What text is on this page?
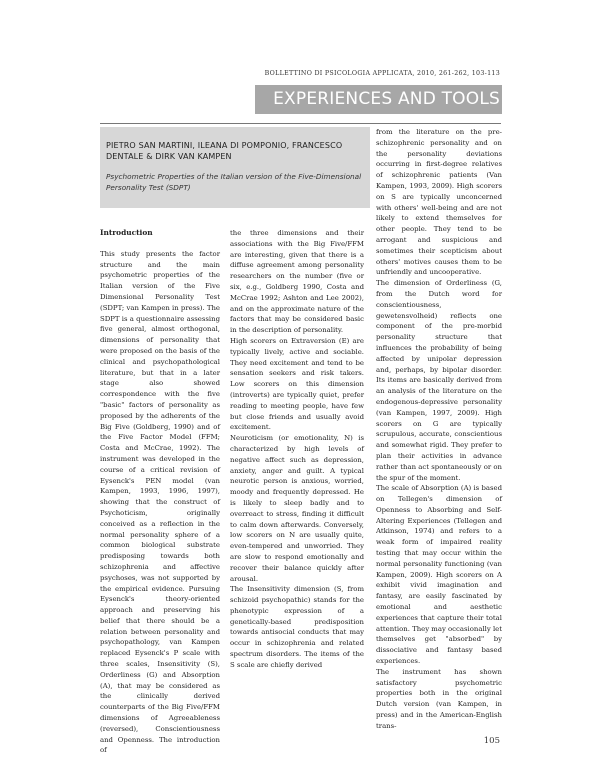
BOLLETTINO DI PSICOLOGIA APPLICATA, 2010, 261-262, 103-113
EXPERIENCES AND TOOLS
PIETRO SAN MARTINI, ILEANA DI POMPONIO, FRANCESCO DENTALE & DIRK VAN KAMPEN
Psychometric Properties of the Italian version of the Five-Dimensional Personality Test (SDPT)

Introduction

This study presents the factor structure and the main psychometric properties of the Italian version of the Five Dimensional Personality Test (SDPT; van Kampen in press). The SDPT is a questionnaire assessing five general, almost orthogonal, dimensions of personality that were proposed on the basis of the clinical and psychopathological literature, but that in a later stage also showed correspondence with the five "basic" factors of personality as proposed by the adherents of the Big Five (Goldberg, 1990) and of the Five Factor Model (FFM; Costa and McCrae, 1992). The instrument was developed in the course of a critical revision of Eysenck's PEN model (van Kampen, 1993, 1996, 1997), showing that the construct of Psychoticism, originally conceived as a reflection in the normal personality sphere of a common biological substrate predisposing towards both schizophrenia and affective psychoses, was not supported by the empirical evidence. Pursuing Eysenck's theory-oriented approach and preserving his belief that there should be a relation between personality and psychopathology, van Kampen replaced Eysenck's P scale with three scales, Insensitivity (S), Orderliness (G) and Absorption (A), that may be considered as the clinically derived counterparts of the Big Five/FFM dimensions of Agreeableness (reversed), Conscientiousness and Openness. The introduction of

the three dimensions and their associations with the Big Five/FFM are interesting, given that there is a diffuse agreement among personality researchers on the number (five or six, e.g., Goldberg 1990, Costa and McCrae 1992; Ashton and Lee 2002), and on the approximate nature of the factors that may be considered basic in the description of personality.

High scorers on Extraversion (E) are typically lively, active and sociable. They need excitement and tend to be sensation seekers and risk takers. Low scorers on this dimension (introverts) are typically quiet, prefer reading to meeting people, have few but close friends and usually avoid excitement.

Neuroticism (or emotionality, N) is characterized by high levels of negative affect such as depression, anxiety, anger and guilt. A typical neurotic person is anxious, worried, moody and frequently depressed. He is likely to sleep badly and to overreact to stress, finding it difficult to calm down afterwards. Conversely, low scorers on N are usually quite, even-tempered and unworried. They are slow to respond emotionally and recover their balance quickly after arousal.

The Insensitivity dimension (S, from schizoid psychopathic) stands for the phenotypic expression of a genetically-based predisposition towards antisocial conducts that may occur in schizophrenia and related spectrum disorders. The items of the S scale are chiefly derived

from the literature on the pre-schizophrenic personality and on the personality deviations occurring in first-degree relatives of schizophrenic patients (Van Kampen, 1993, 2009). High scorers on S are typically unconcerned with others' well-being and are not likely to extend themselves for other people. They tend to be arrogant and suspicious and sometimes their scepticism about others' motives causes them to be unfriendly and uncooperative.

The dimension of Orderliness (G, from the Dutch word for conscientiousness, gewetensvolheid) reflects one component of the pre-morbid personality structure that influences the probability of being affected by unipolar depression and, perhaps, by bipolar disorder. Its items are basically derived from an analysis of the literature on the endogenous-depressive personality (van Kampen, 1997, 2009). High scorers on G are typically scrupulous, accurate, conscientious and somewhat rigid. They prefer to plan their activities in advance rather than act spontaneously or on the spur of the moment.

The scale of Absorption (A) is based on Tellegen's dimension of Openness to Absorbing and Self-Altering Experiences (Tellegen and Atkinson, 1974) and refers to a weak form of impaired reality testing that may occur within the normal personality functioning (van Kampen, 2009). High scorers on A exhibit vivid imagination and fantasy, are easily fascinated by emotional and aesthetic experiences that capture their total attention. They may occasionally let themselves get "absorbed" by dissociative and fantasy based experiences.

The instrument has shown satisfactory psychometric properties both in the original Dutch version (van Kampen, in press) and in the American-English trans-

105
